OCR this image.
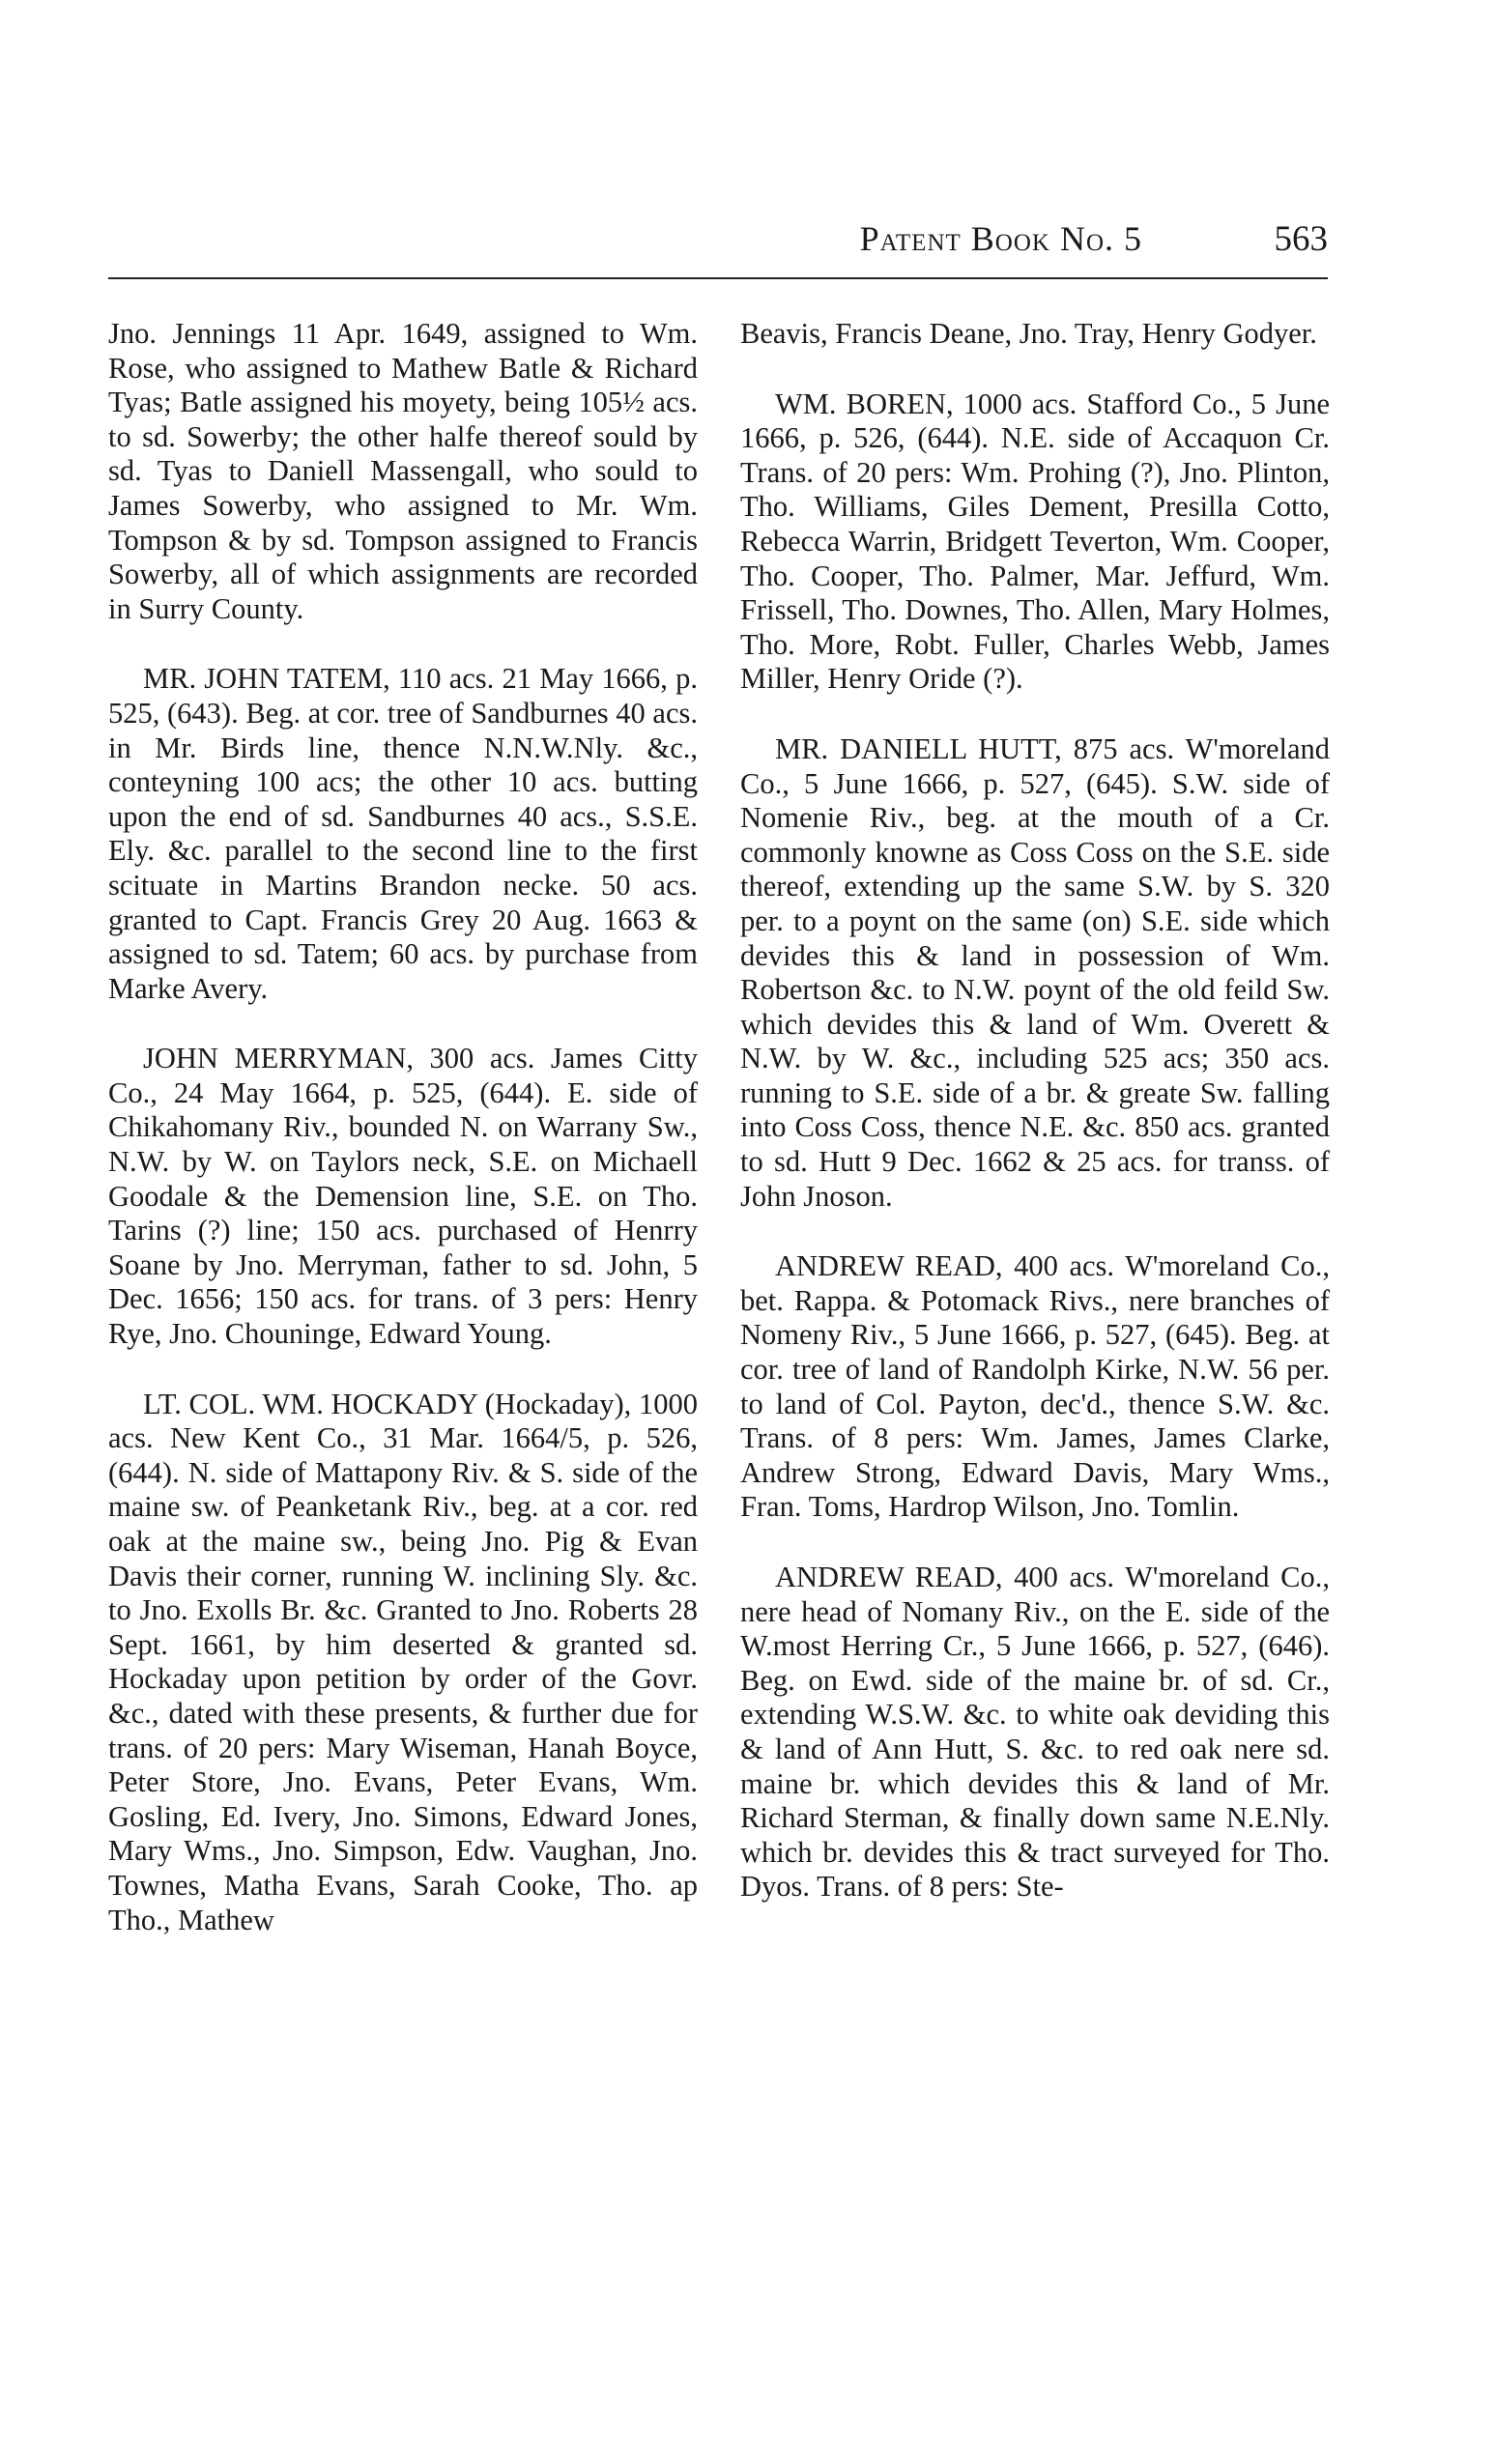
Patent Book No. 5	563

Jno. Jennings 11 Apr. 1649, assigned to Wm. Rose, who assigned to Mathew Batle & Richard Tyas; Batle assigned his moyety, being 105½ acs. to sd. Sowerby; the other halfe thereof sould by sd. Tyas to Daniell Massengall, who sould to James Sowerby, who assigned to Mr. Wm. Tompson & by sd. Tompson assigned to Francis Sowerby, all of which assignments are recorded in Surry County.

MR. JOHN TATEM, 110 acs. 21 May 1666, p. 525, (643). Beg. at cor. tree of Sandburnes 40 acs. in Mr. Birds line, thence N.N.W.Nly. &c., conteyning 100 acs; the other 10 acs. butting upon the end of sd. Sandburnes 40 acs., S.S.E. Ely. &c. parallel to the second line to the first scituate in Martins Brandon necke. 50 acs. granted to Capt. Francis Grey 20 Aug. 1663 & assigned to sd. Tatem; 60 acs. by purchase from Marke Avery.

JOHN MERRYMAN, 300 acs. James Citty Co., 24 May 1664, p. 525, (644). E. side of Chikahomany Riv., bounded N. on Warrany Sw., N.W. by W. on Taylors neck, S.E. on Michaell Goodale & the Demension line, S.E. on Tho. Tarins (?) line; 150 acs. purchased of Henrry Soane by Jno. Merryman, father to sd. John, 5 Dec. 1656; 150 acs. for trans. of 3 pers: Henry Rye, Jno. Chouninge, Edward Young.

LT. COL. WM. HOCKADY (Hockaday), 1000 acs. New Kent Co., 31 Mar. 1664/5, p. 526, (644). N. side of Mattapony Riv. & S. side of the maine sw. of Peanketank Riv., beg. at a cor. red oak at the maine sw., being Jno. Pig & Evan Davis their corner, running W. inclining Sly. &c. to Jno. Exolls Br. &c. Granted to Jno. Roberts 28 Sept. 1661, by him deserted & granted sd. Hockaday upon petition by order of the Govr. &c., dated with these presents, & further due for trans. of 20 pers: Mary Wiseman, Hanah Boyce, Peter Store, Jno. Evans, Peter Evans, Wm. Gosling, Ed. Ivery, Jno. Simons, Edward Jones, Mary Wms., Jno. Simpson, Edw. Vaughan, Jno. Townes, Matha Evans, Sarah Cooke, Tho. ap Tho., Mathew

Beavis, Francis Deane, Jno. Tray, Henry Godyer.

WM. BOREN, 1000 acs. Stafford Co., 5 June 1666, p. 526, (644). N.E. side of Accaquon Cr. Trans. of 20 pers: Wm. Prohing (?), Jno. Plinton, Tho. Williams, Giles Dement, Presilla Cotto, Rebecca Warrin, Bridgett Teverton, Wm. Cooper, Tho. Cooper, Tho. Palmer, Mar. Jeffurd, Wm. Frissell, Tho. Downes, Tho. Allen, Mary Holmes, Tho. More, Robt. Fuller, Charles Webb, James Miller, Henry Oride (?).

MR. DANIELL HUTT, 875 acs. W'moreland Co., 5 June 1666, p. 527, (645). S.W. side of Nomenie Riv., beg. at the mouth of a Cr. commonly knowne as Coss Coss on the S.E. side thereof, extending up the same S.W. by S. 320 per. to a poynt on the same (on) S.E. side which devides this & land in possession of Wm. Robertson &c. to N.W. poynt of the old feild Sw. which devides this & land of Wm. Overett & N.W. by W. &c., including 525 acs; 350 acs. running to S.E. side of a br. & greate Sw. falling into Coss Coss, thence N.E. &c. 850 acs. granted to sd. Hutt 9 Dec. 1662 & 25 acs. for transs. of John Jnoson.

ANDREW READ, 400 acs. W'moreland Co., bet. Rappa. & Potomack Rivs., nere branches of Nomeny Riv., 5 June 1666, p. 527, (645). Beg. at cor. tree of land of Randolph Kirke, N.W. 56 per. to land of Col. Payton, dec'd., thence S.W. &c. Trans. of 8 pers: Wm. James, James Clarke, Andrew Strong, Edward Davis, Mary Wms., Fran. Toms, Hardrop Wilson, Jno. Tomlin.

ANDREW READ, 400 acs. W'moreland Co., nere head of Nomany Riv., on the E. side of the W.most Herring Cr., 5 June 1666, p. 527, (646). Beg. on Ewd. side of the maine br. of sd. Cr., extending W.S.W. &c. to white oak deviding this & land of Ann Hutt, S. &c. to red oak nere sd. maine br. which devides this & land of Mr. Richard Sterman, & finally down same N.E.Nly. which br. devides this & tract surveyed for Tho. Dyos. Trans. of 8 pers: Ste-
